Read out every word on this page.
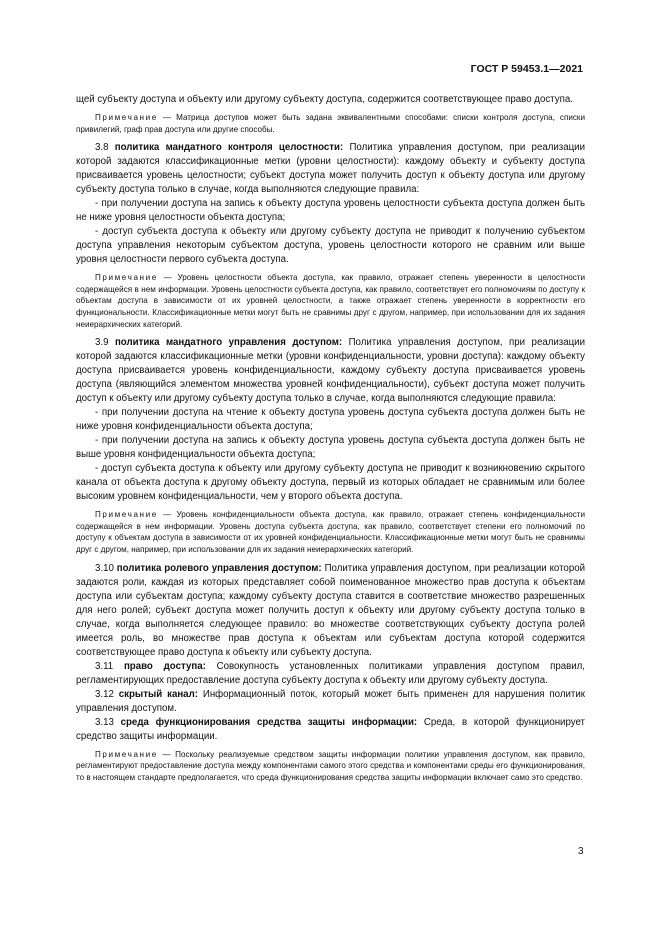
ГОСТ Р 59453.1—2021

щей субъекту доступа и объекту или другому субъекту доступа, содержится соответствующее право доступа.

Примечание — Матрица доступов может быть задана эквивалентными способами: списки контроля доступа, списки привилегий, граф прав доступа или другие способы.

3.8 политика мандатного контроля целостности: Политика управления доступом, при реализации которой задаются классификационные метки (уровни целостности): каждому объекту и субъекту доступа присваивается уровень целостности; субъект доступа может получить доступ к объекту доступа или другому субъекту доступа только в случае, когда выполняются следующие правила:

- при получении доступа на запись к объекту доступа уровень целостности субъекта доступа должен быть не ниже уровня целостности объекта доступа;

- доступ субъекта доступа к объекту или другому субъекту доступа не приводит к получению субъектом доступа управления некоторым субъектом доступа, уровень целостности которого не сравним или выше уровня целостности первого субъекта доступа.

Примечание — Уровень целостности объекта доступа, как правило, отражает степень уверенности в целостности содержащейся в нем информации. Уровень целостности субъекта доступа, как правило, соответствует его полномочиям по доступу к объектам доступа в зависимости от их уровней целостности, а также отражает степень уверенности в корректности его функциональности. Классификационные метки могут быть не сравнимы друг с другом, например, при использовании для их задания неиерархических категорий.

3.9 политика мандатного управления доступом: Политика управления доступом, при реализации которой задаются классификационные метки (уровни конфиденциальности, уровни доступа): каждому объекту доступа присваивается уровень конфиденциальности, каждому субъекту доступа присваивается уровень доступа (являющийся элементом множества уровней конфиденциальности), субъект доступа может получить доступ к объекту или другому субъекту доступа только в случае, когда выполняются следующие правила:

- при получении доступа на чтение к объекту доступа уровень доступа субъекта доступа должен быть не ниже уровня конфиденциальности объекта доступа;

- при получении доступа на запись к объекту доступа уровень доступа субъекта доступа должен быть не выше уровня конфиденциальности объекта доступа;

- доступ субъекта доступа к объекту или другому субъекту доступа не приводит к возникновению скрытого канала от объекта доступа к другому объекту доступа, первый из которых обладает не сравнимым или более высоким уровнем конфиденциальности, чем у второго объекта доступа.

Примечание — Уровень конфиденциальности объекта доступа, как правило, отражает степень конфиденциальности содержащейся в нем информации. Уровень доступа субъекта доступа, как правило, соответствует степени его полномочий по доступу к объектам доступа в зависимости от их уровней конфиденциальности. Классификационные метки могут быть не сравнимы друг с другом, например, при использовании для их задания неиерархических категорий.

3.10 политика ролевого управления доступом: Политика управления доступом, при реализации которой задаются роли, каждая из которых представляет собой поименованное множество прав доступа к объектам доступа или субъектам доступа; каждому субъекту доступа ставится в соответствие множество разрешенных для него ролей; субъект доступа может получить доступ к объекту или другому субъекту доступа только в случае, когда выполняется следующее правило: во множестве соответствующих субъекту доступа ролей имеется роль, во множестве прав доступа к объектам или субъектам доступа которой содержится соответствующее право доступа к объекту или субъекту доступа.

3.11 право доступа: Совокупность установленных политиками управления доступом правил, регламентирующих предоставление доступа субъекту доступа к объекту или другому субъекту доступа.

3.12 скрытый канал: Информационный поток, который может быть применен для нарушения политик управления доступом.

3.13 среда функционирования средства защиты информации: Среда, в которой функционирует средство защиты информации.

Примечание — Поскольку реализуемые средством защиты информации политики управления доступом, как правило, регламентируют предоставление доступа между компонентами самого этого средства и компонентами среды его функционирования, то в настоящем стандарте предполагается, что среда функционирования средства защиты информации включает само это средство.

3
